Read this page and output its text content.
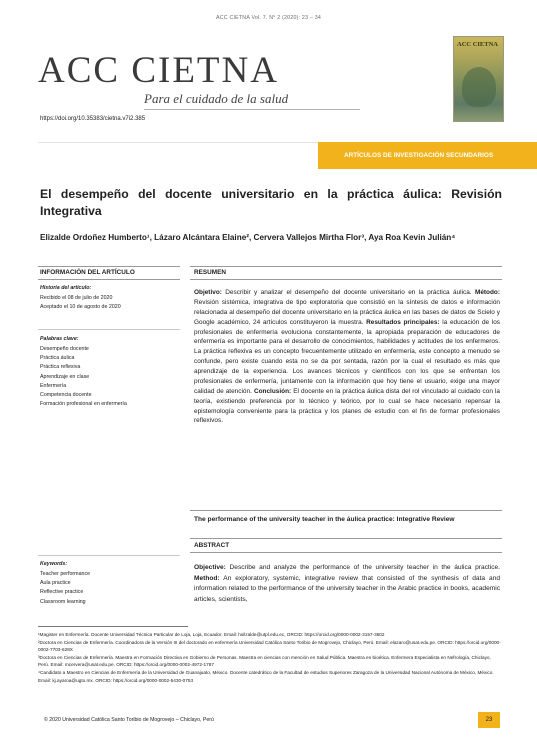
ACC CIETNA Vol. 7. N° 2 (2020): 23 – 34
ACC CIETNA
Para el cuidado de la salud
ACC CIETNA
https://doi.org/10.35383/cietna.v7i2.385
ARTÍCULOS DE INVESTIGACIÓN SECUNDARIOS
El desempeño del docente universitario en la práctica áulica: Revisión Integrativa
Elizalde Ordoñez Humberto¹, Lázaro Alcántara Elaine², Cervera Vallejos Mirtha Flor³, Aya Roa Kevin Julián⁴
INFORMACIÓN DEL ARTÍCULO	RESUMEN
Historia del artículo:
Recibido el 08 de julio de 2020
Aceptado el 10 de agosto de 2020
Palabras clave:
Desempeño docente
Práctica áulica
Práctica reflexiva
Aprendizaje en clase
Enfermería
Competencia docente
Formación profesional en enfermería
Objetivo: Describir y analizar el desempeño del docente universitario en la práctica áulica. Método: Revisión sistémica, integrativa de tipo exploratoria que consistió en la síntesis de datos e información relacionada al desempeño del docente universitario en la práctica áulica en las bases de datos de Scielo y Google académico, 24 artículos constituyeron la muestra. Resultados principales: la educación de los profesionales de enfermería evoluciona constantemente, la apropiada preparación de educadores de enfermería es importante para el desarrollo de conocimientos, habilidades y actitudes de los enfermeros. La práctica reflexiva es un concepto frecuentemente utilizado en enfermería, este concepto a menudo se confunde, pero existe cuando esta no se da por sentada, razón por la cual el resultado es más que aprendizaje de la experiencia. Los avances técnicos y científicos con los que se enfrentan los profesionales de enfermería, juntamente con la información que hoy tiene el usuario, exige una mayor calidad de atención. Conclusión: El docente en la práctica áulica dista del rol vinculado al cuidado con la teoría, existiendo preferencia por lo técnico y teórico, por lo cual se hace necesario repensar la epistemología conveniente para la práctica y los planes de estudio con el fin de formar profesionales reflexivos.
The performance of the university teacher in the áulica practice: Integrative Review
ABSTRACT
Keywords:
Teacher performance
Aula practice
Reflective practice
Classroom learning
Objective: Describe and analyze the performance of the university teacher in the áulica practice. Method: An exploratory, systemic, integrative review that consisted of the synthesis of data and information related to the performance of the university teacher in the Arabic practice in books, academic articles, scientists,

¹Magister en Enfermería. Docente Universidad Técnica Particular de Loja, Loja, Ecuador. Email: hsilzalde@utpl.edu.ec, ORCID: https://orcid.org/0000-0002-3157-3602

²Doctora en Ciencias de Enfermería. Coordinadora de la Versión III del doctorado en enfermería Universidad Católica Santo Toribio de Mogrovejo, Chiclayo, Perú. Email: elazaro@usat.edu.pe. ORCID: https://orcid.org/0000-0002-7703-628X

³Doctora en Ciencias de Enfermería. Maestra en Formación Directiva en Gobierno de Personas. Maestra en ciencias con mención en Salud Pública. Maestra en bioética. Enfermera Especialista en Nefrología, Chiclayo, Perú. Email: mcervera@usat.edu.pe. ORCID: https://orcid.org/0000-0002-4972-1787

⁴Candidato a Maestro en Ciencias de Enfermería de la Universidad de Guanajuato, México. Docente catedrático de la Facultad de estudios Superiores Zaragoza de la Universidad Nacional Autónoma de México, México. Email: kj.ayaroa@ugto.mx. ORCID: https://orcid.org/0000-0002-5430-0753

© 2020 Universidad Católica Santo Toribio de Mogrovejo – Chiclayo, Perú	23
